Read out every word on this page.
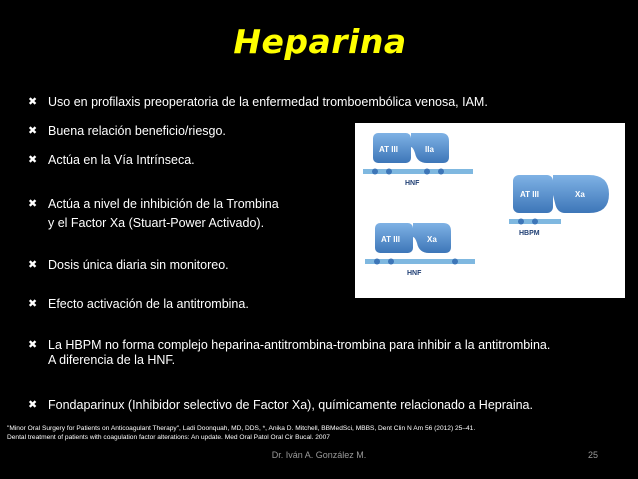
Heparina
✖ Uso en profilaxis preoperatoria de la enfermedad tromboembólica venosa, IAM.
✖ Buena relación beneficio/riesgo.
✖ Actúa en la Vía Intrínseca.
✖ Actúa a nivel de inhibición de la Trombina
y el Factor Xa (Stuart-Power Activado).
✖ Dosis única diaria sin monitoreo.
✖ Efecto activación de la antitrombina.
✖ La HBPM no forma complejo heparina-antitrombina-trombina para inhibir a la antitrombina.
A diferencia de la HNF.
✖ Fondaparinux (Inhibidor selectivo de Factor Xa), químicamente relacionado a Hepraina.
AT III	IIa
HNF
AT III	Xa
HNF
AT III	Xa
HBPM
"Minor Oral Surgery for Patients on Anticoagulant Therapy", Ladi Doonquah, MD, DDS, *, Anika D. Mitchell, BBMedSci, MBBS, Dent Clin N Am 56 (2012) 25–41.
Dental treatment of patients with coagulation factor alterations: An update. Med Oral Patol Oral Cir Bucal. 2007
Dr. Iván A. González M.	25
